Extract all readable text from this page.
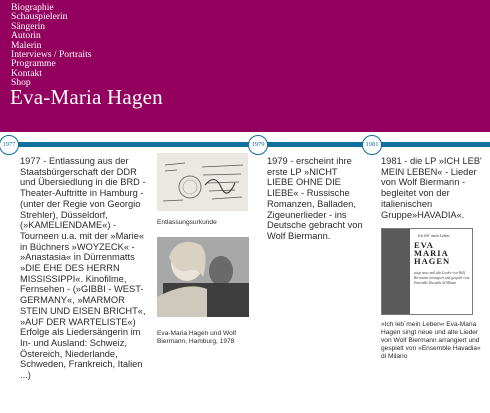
Biographie
Schauspielerin
Sängerin
Autorin
Malerin
Interviews / Portraits
Programme
Kontakt
Shop
Eva-Maria Hagen
1977	1979	1981

1977 - Entlassung aus der Staatsbürgerschaft der DDR und Übersiedlung in die BRD -Theater-Auftritte in Hamburg - (unter der Regie von Georgio Strehler), Düsseldorf,(»KAMELIENDAME«) - Tourneen u.a. mit der »Marie« in Büchners »WOYZECK« - »Anastasia« in Dürrenmatts »DIE EHE DES HERRN MISSISSIPPI«. Kinofilme, Fernsehen - (»GIBBI - WEST-GERMANY«, »MARMOR STEIN UND EISEN BRICHT«, »AUF DER WARTELISTE«) Erfolge als Liedersängerin im In- und Ausland: Schweiz, Östereich, Niederlande, Schweden, Frankreich, Italien ...)

Entlassungsurkunde

Eva-Maria Hagen und Wolf Biermann, Hamburg, 1978

1979 - erscheint ihre erste LP »NICHT LIEBE OHNE DIE LIEBE« - Russische Romanzen, Balladen, Zigeunerlieder - ins Deutsche gebracht von Wolf Biermann.

1981 - die LP »ICH LEB' MEIN LEBEN« - Lieder von Wolf Biermann - begleitet von der italienischen Gruppe»HAVADIA«.

Ich leb' mein Leben
EVA
MARIA
HAGEN
singt neue und alte Lieder von Wolf Biermann arrangiert und gespielt vom Ensemble Havadia di Milano

»Ich leb´mein Leben« Eva-Maria Hagen singt neue und alte Lieder von Wolf Biermann arrangiert und gespielt von »Ensemble Havadia« di Milano
